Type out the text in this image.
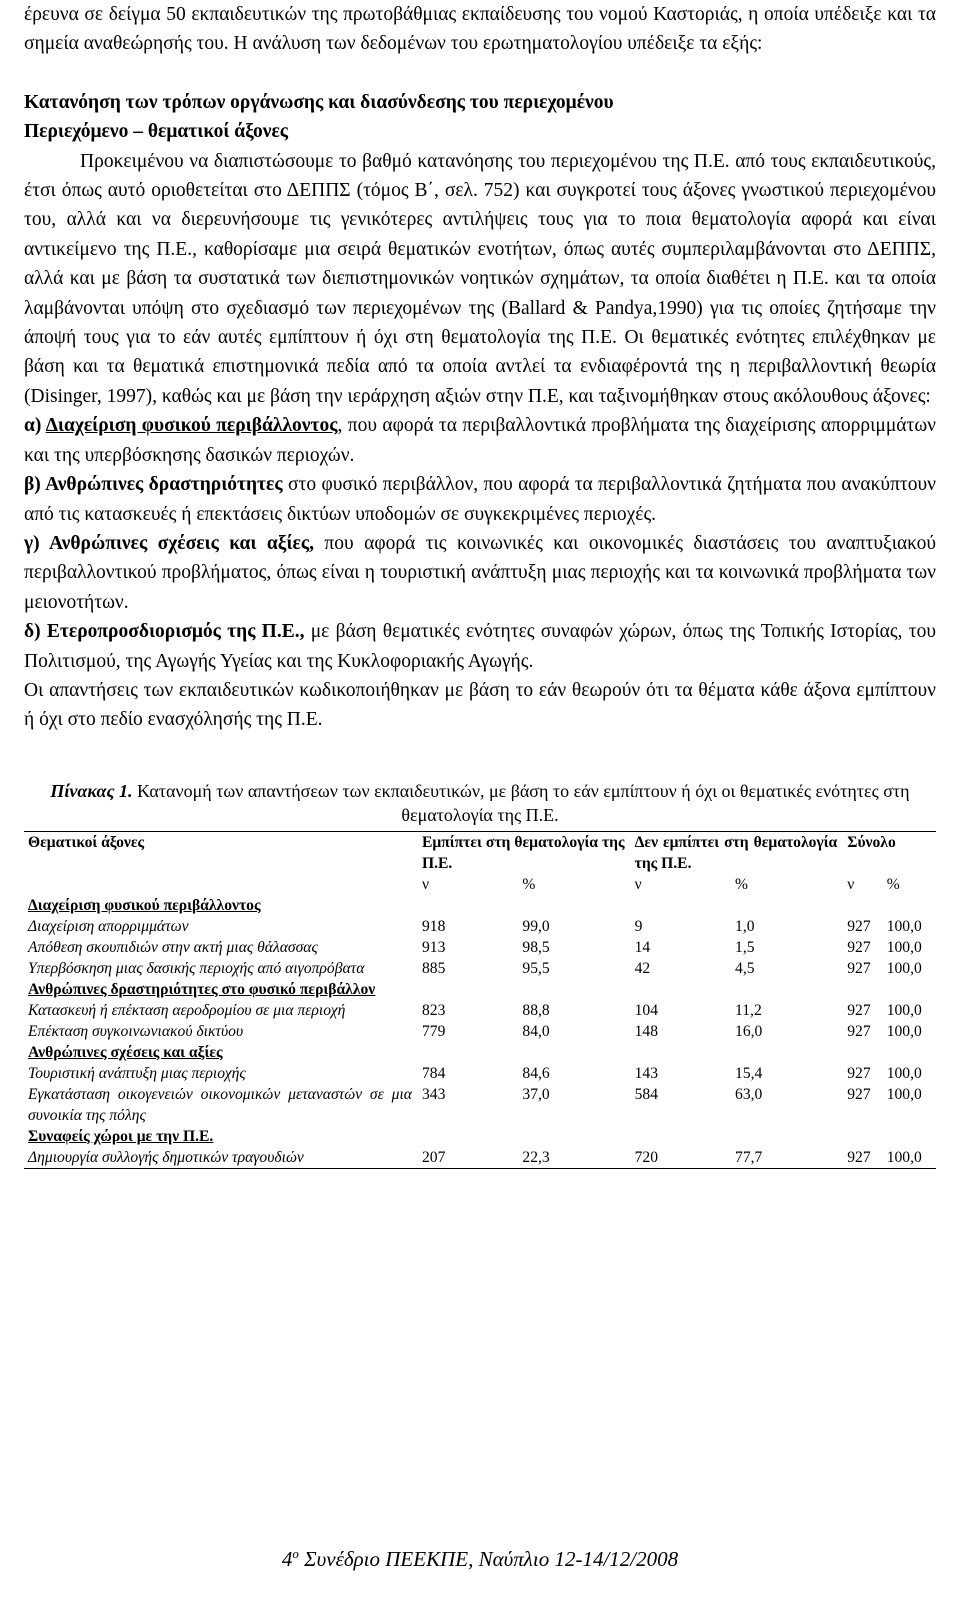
έρευνα σε δείγμα 50 εκπαιδευτικών της πρωτοβάθμιας εκπαίδευσης του νομού Καστοριάς, η οποία υπέδειξε και τα σημεία αναθεώρησής του. Η ανάλυση των δεδομένων του ερωτηματολογίου υπέδειξε τα εξής:

Κατανόηση των τρόπων οργάνωσης και διασύνδεσης του περιεχομένου

Περιεχόμενο – θεματικοί άξονες

Προκειμένου να διαπιστώσουμε το βαθμό κατανόησης του περιεχομένου της Π.Ε. από τους εκπαιδευτικούς, έτσι όπως αυτό οριοθετείται στο ΔΕΠΠΣ (τόμος Β΄, σελ. 752) και συγκροτεί τους άξονες γνωστικού περιεχομένου του, αλλά και να διερευνήσουμε τις γενικότερες αντιλήψεις τους για το ποια θεματολογία αφορά και είναι αντικείμενο της Π.Ε., καθορίσαμε μια σειρά θεματικών ενοτήτων, όπως αυτές συμπεριλαμβάνονται στο ΔΕΠΠΣ, αλλά και με βάση τα συστατικά των διεπιστημονικών νοητικών σχημάτων, τα οποία διαθέτει η Π.Ε. και τα οποία λαμβάνονται υπόψη στο σχεδιασμό των περιεχομένων της (Ballard & Pandya,1990) για τις οποίες ζητήσαμε την άποψή τους για το εάν αυτές εμπίπτουν ή όχι στη θεματολογία της Π.Ε. Οι θεματικές ενότητες επιλέχθηκαν με βάση και τα θεματικά επιστημονικά πεδία από τα οποία αντλεί τα ενδιαφέροντά της η περιβαλλοντική θεωρία (Disinger, 1997), καθώς και με βάση την ιεράρχηση αξιών στην Π.Ε, και ταξινομήθηκαν στους ακόλουθους άξονες:

α) Διαχείριση φυσικού περιβάλλοντος, που αφορά τα περιβαλλοντικά προβλήματα της διαχείρισης απορριμμάτων και της υπερβόσκησης δασικών περιοχών.

β) Ανθρώπινες δραστηριότητες στο φυσικό περιβάλλον, που αφορά τα περιβαλλοντικά ζητήματα που ανακύπτουν από τις κατασκευές ή επεκτάσεις δικτύων υποδομών σε συγκεκριμένες περιοχές.

γ) Ανθρώπινες σχέσεις και αξίες, που αφορά τις κοινωνικές και οικονομικές διαστάσεις του αναπτυξιακού περιβαλλοντικού προβλήματος, όπως είναι η τουριστική ανάπτυξη μιας περιοχής και τα κοινωνικά προβλήματα των μειονοτήτων.

δ) Ετεροπροσδιορισμός της Π.Ε., με βάση θεματικές ενότητες συναφών χώρων, όπως της Τοπικής Ιστορίας, του Πολιτισμού, της Αγωγής Υγείας και της Κυκλοφοριακής Αγωγής.

Οι απαντήσεις των εκπαιδευτικών κωδικοποιήθηκαν με βάση το εάν θεωρούν ότι τα θέματα κάθε άξονα εμπίπτουν ή όχι στο πεδίο ενασχόλησής της Π.Ε.

Πίνακας 1. Κατανομή των απαντήσεων των εκπαιδευτικών, με βάση το εάν εμπίπτουν ή όχι οι θεματικές ενότητες στη θεματολογία της Π.Ε.

Θεματικοί άξονες	Εμπίπτει στη θεματολογία της Π.Ε.		Δεν εμπίπτει στη θεματολογία της Π.Ε.		Σύνολο	
	ν	%	ν	%	ν	%
Διαχείριση φυσικού περιβάλλοντος						
Διαχείριση απορριμμάτων	918	99,0	9	1,0	927	100,0
Απόθεση σκουπιδιών στην ακτή μιας θάλασσας	913	98,5	14	1,5	927	100,0
Υπερβόσκηση μιας δασικής περιοχής από αιγοπρόβατα	885	95,5	42	4,5	927	100,0
Ανθρώπινες δραστηριότητες στο φυσικό περιβάλλον						
Κατασκευή ή επέκταση αεροδρομίου σε μια περιοχή	823	88,8	104	11,2	927	100,0
Επέκταση συγκοινωνιακού δικτύου	779	84,0	148	16,0	927	100,0
Ανθρώπινες σχέσεις και αξίες						
Τουριστική ανάπτυξη μιας περιοχής	784	84,6	143	15,4	927	100,0
Εγκατάσταση οικογενειών οικονομικών μεταναστών σε μια συνοικία της πόλης	343	37,0	584	63,0	927	100,0
Συναφείς χώροι με την Π.Ε.						
Δημιουργία συλλογής δημοτικών τραγουδιών	207	22,3	720	77,7	927	100,0
$4^o$ Συνέδριο ΠΕΕΚΠΕ, Ναύπλιο 12-14/12/2008
